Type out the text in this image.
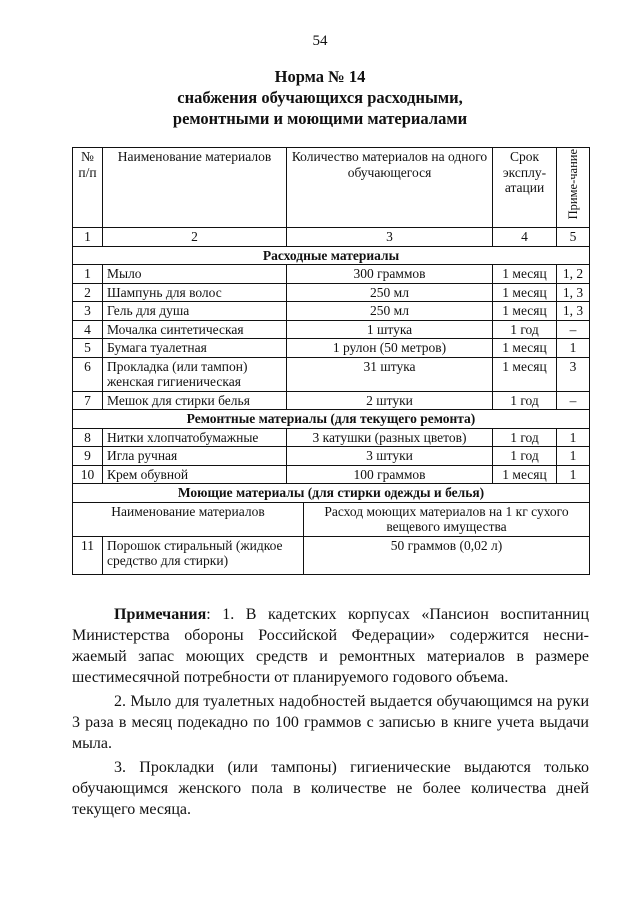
54
Норма № 14
снабжения обучающихся расходными,
ремонтными и моющими материалами
№ п/п	Наименование материалов	Количество материалов на одного обучающегося		Срок эксплу-атации	Приме-чание

1	2	3		4	5
Расходные материалы					
1	Мыло	300 граммов		1 месяц	1, 2
2	Шампунь для волос	250 мл		1 месяц	1, 3
3	Гель для душа	250 мл		1 месяц	1, 3
4	Мочалка синтетическая	1 штука		1 год	–
5	Бумага туалетная	1 рулон (50 метров)		1 месяц	1
6	Прокладка (или тампон) женская гигиеническая	31 штука		1 месяц	3
7	Мешок для стирки белья	2 штуки		1 год	–
Ремонтные материалы (для текущего ремонта)					
8	Нитки хлопчатобумажные	3 катушки (разных цветов)		1 год	1
9	Игла ручная	3 штуки		1 год	1
10	Крем обувной	100 граммов		1 месяц	1
Моющие материалы (для стирки одежды и белья)					
Наименование материалов			Расход моющих материалов на 1 кг сухого вещевого имущества		
11	Порошок стиральный (жидкое средство для стирки)		50 граммов (0,02 л)		

Примечания: 1. В кадетских корпусах «Пансион воспитанниц Министерства обороны Российской Федерации» содержится несни-жаемый запас моющих средств и ремонтных материалов в размере шестимесячной потребности от планируемого годового объема.

2. Мыло для туалетных надобностей выдается обучающимся на руки 3 раза в месяц подекадно по 100 граммов с записью в книге учета выдачи мыла.

3. Прокладки (или тампоны) гигиенические выдаются только обучающимся женского пола в количестве не более количества дней текущего месяца.
